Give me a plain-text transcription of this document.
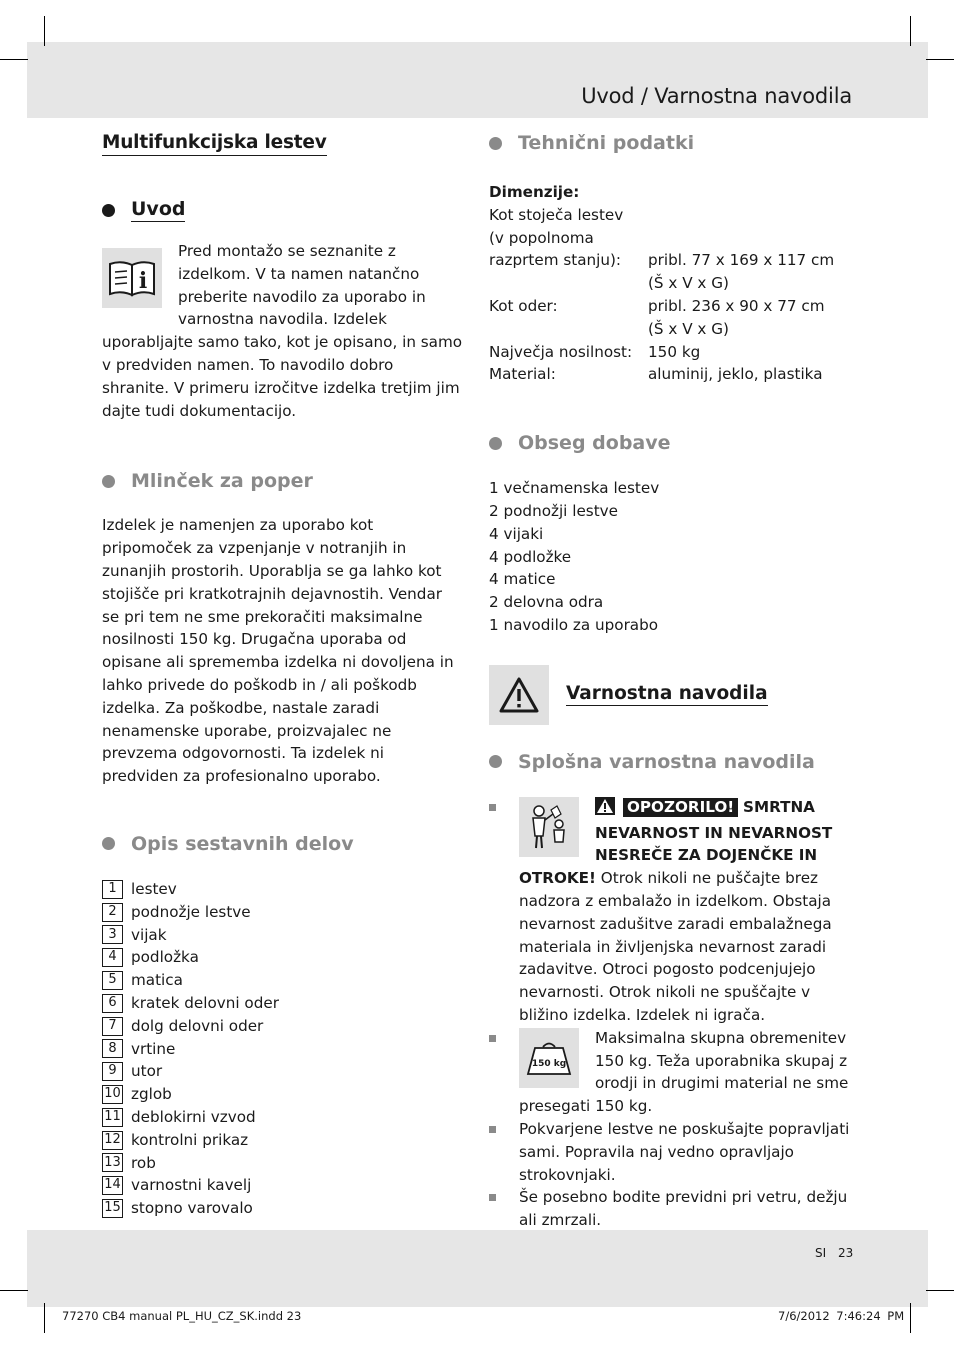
Uvod / Varnostna navodila
Multifunkcijska lestev
Uvod
i

Pred montažo se seznanite z izdelkom. V ta namen natančno preberite navodilo za uporabo in varnostna navodila. Izdelek uporabljajte samo tako, kot je opisano, in samo v predviden namen. To navodilo dobro shranite. V primeru izročitve izdelka tretjim jim dajte tudi dokumentacijo.

Mlinček za poper

Izdelek je namenjen za uporabo kot pripomoček za vzpenjanje v notranjih in zunanjih prostorih. Uporablja se ga lahko kot stojišče pri kratkotrajnih dejavnostih. Vendar se pri tem ne sme prekoračiti maksimalne nosilnosti 150 kg. Drugačna uporaba od opisane ali sprememba izdelka ni dovoljena in lahko privede do poškodb in / ali poškodb izdelka. Za poškodbe, nastale zaradi nenamenske uporabe, proizvajalec ne prevzema odgovornosti. Ta izdelek ni predviden za profesionalno uporabo.

Opis sestavnih delov
1 lestev
2 podnožje lestve
3 vijak
4 podložka
5 matica
6 kratek delovni oder
7 dolg delovni oder
8 vrtine
9 utor
10 zglob
11 deblokirni vzvod
12 kontrolni prikaz
13 rob
14 varnostni kavelj
15 stopno varovalo
Tehnični podatki
Dimenzije:
Kot stoječa lestev	
(v popolnoma	
razprtem stanju):	pribl. 77 x 169 x 117 cm
	(Š x V x G)
Kot oder:	pribl. 236 x 90 x 77 cm
	(Š x V x G)
Največja nosilnost:	150 kg
Material:	aluminij, jeklo, plastika
Obseg dobave
1 večnamenska lestev
2 podnožji lestve
4 vijaki
4 podložke
4 matice
2 delovna odra
1 navodilo za uporabo
Varnostna navodila
Splošna varnostna navodila
OPOZORILO! SMRTNA NEVARNOST IN NEVARNOST NESREČE ZA DOJENČKE IN OTROKE! Otrok nikoli ne puščajte brez nadzora z embalažo in izdelkom. Obstaja nevarnost zadušitve zaradi embalažnega materiala in življenjska nevarnost zaradi zadavitve. Otroci pogosto podcenjujejo nevarnosti. Otrok nikoli ne spuščajte v bližino izdelka. Izdelek ni igrača.
150 kg
Maksimalna skupna obremenitev 150 kg. Teža uporabnika skupaj z orodji in drugimi material ne sme presegati 150 kg.
Pokvarjene lestve ne poskušajte popravljati sami. Popravila naj vedno opravljajo strokovnjaki.
Še posebno bodite previdni pri vetru, dežju ali zmrzali.
SI 23
77270 CB4 manual PL_HU_CZ_SK.indd 23	7/6/2012 7:46:24 PM
